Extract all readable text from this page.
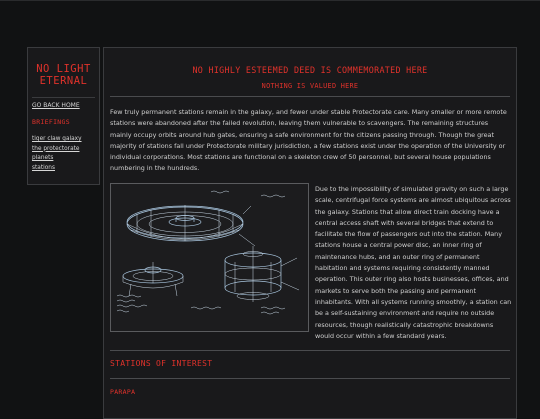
NO LIGHT
ETERNAL
GO BACK HOME
BRIEFINGS
tiger claw galaxy
the protectorate
planets
stations
NO HIGHLY ESTEEMED DEED IS COMMEMORATED HERE
NOTHING IS VALUED HERE

Few truly permanent stations remain in the galaxy, and fewer under stable Protectorate care. Many smaller or more remote stations were abandoned after the failed revolution, leaving them vulnerable to scavengers. The remaining structures mainly occupy orbits around hub gates, ensuring a safe environment for the citizens passing through. Though the great majority of stations fall under Protectorate military jurisdiction, a few stations exist under the operation of the University or individual corporations. Most stations are functional on a skeleton crew of 50 personnel, but several house populations numbering in the hundreds.

Due to the impossibility of simulated gravity on such a large scale, centrifugal force systems are almost ubiquitous across the galaxy. Stations that allow direct train docking have a central access shaft with several bridges that extend to facilitate the flow of passengers out into the station. Many stations house a central power disc, an inner ring of maintenance hubs, and an outer ring of permanent habitation and systems requiring consistently manned operation. This outer ring also hosts businesses, offices, and markets to serve both the passing and permanent inhabitants. With all systems running smoothly, a station can be a self-sustaining environment and require no outside resources, though realistically catastrophic breakdowns would occur within a few standard years.

STATIONS OF INTEREST
PARAPA
